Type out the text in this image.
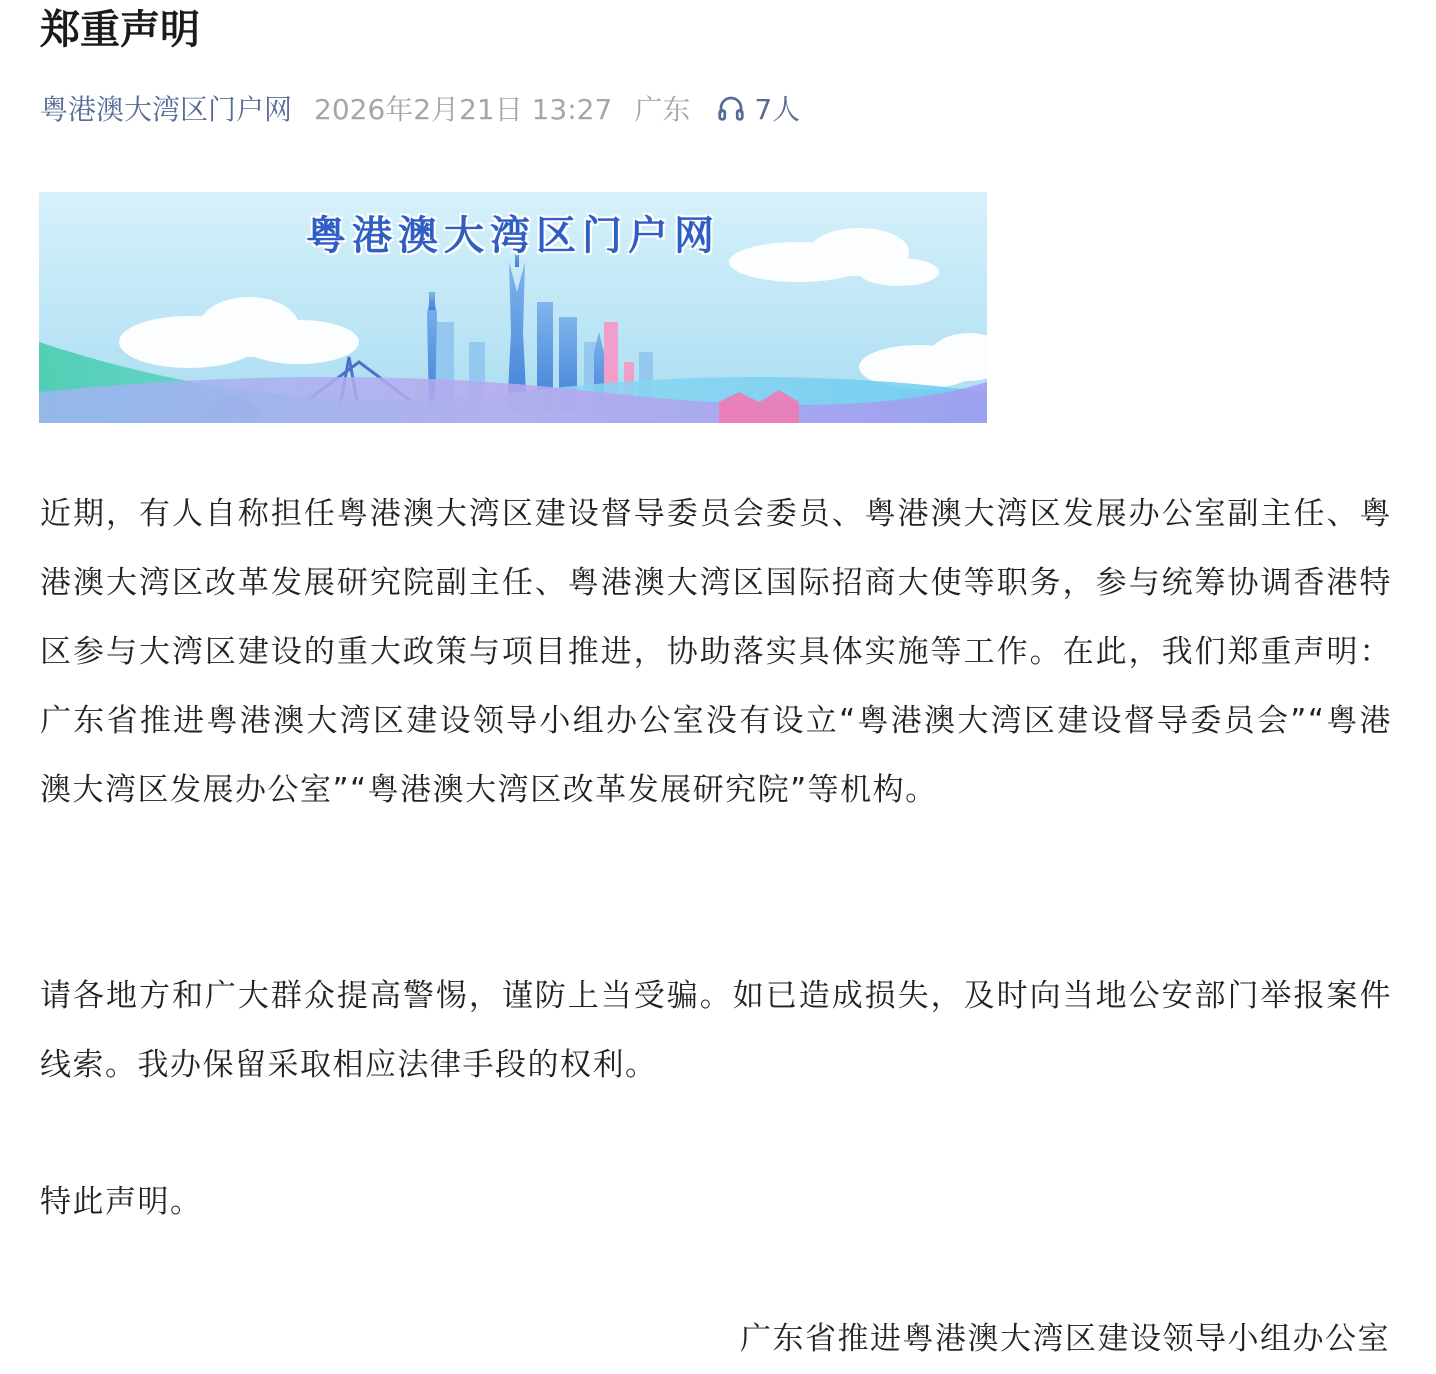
郑重声明
粤港澳大湾区门户网 2026年2月21日 13:27 广东 7人
粤港澳大湾区门户网

近期，有人自称担任粤港澳大湾区建设督导委员会委员、粤港澳大湾区发展办公室副主任、粤港澳大湾区改革发展研究院副主任、粤港澳大湾区国际招商大使等职务，参与统筹协调香港特区参与大湾区建设的重大政策与项目推进，协助落实具体实施等工作。在此，我们郑重声明：广东省推进粤港澳大湾区建设领导小组办公室没有设立“粤港澳大湾区建设督导委员会”“粤港澳大湾区发展办公室”“粤港澳大湾区改革发展研究院”等机构。

请各地方和广大群众提高警惕，谨防上当受骗。如已造成损失，及时向当地公安部门举报案件线索。我办保留采取相应法律手段的权利。

特此声明。

广东省推进粤港澳大湾区建设领导小组办公室
